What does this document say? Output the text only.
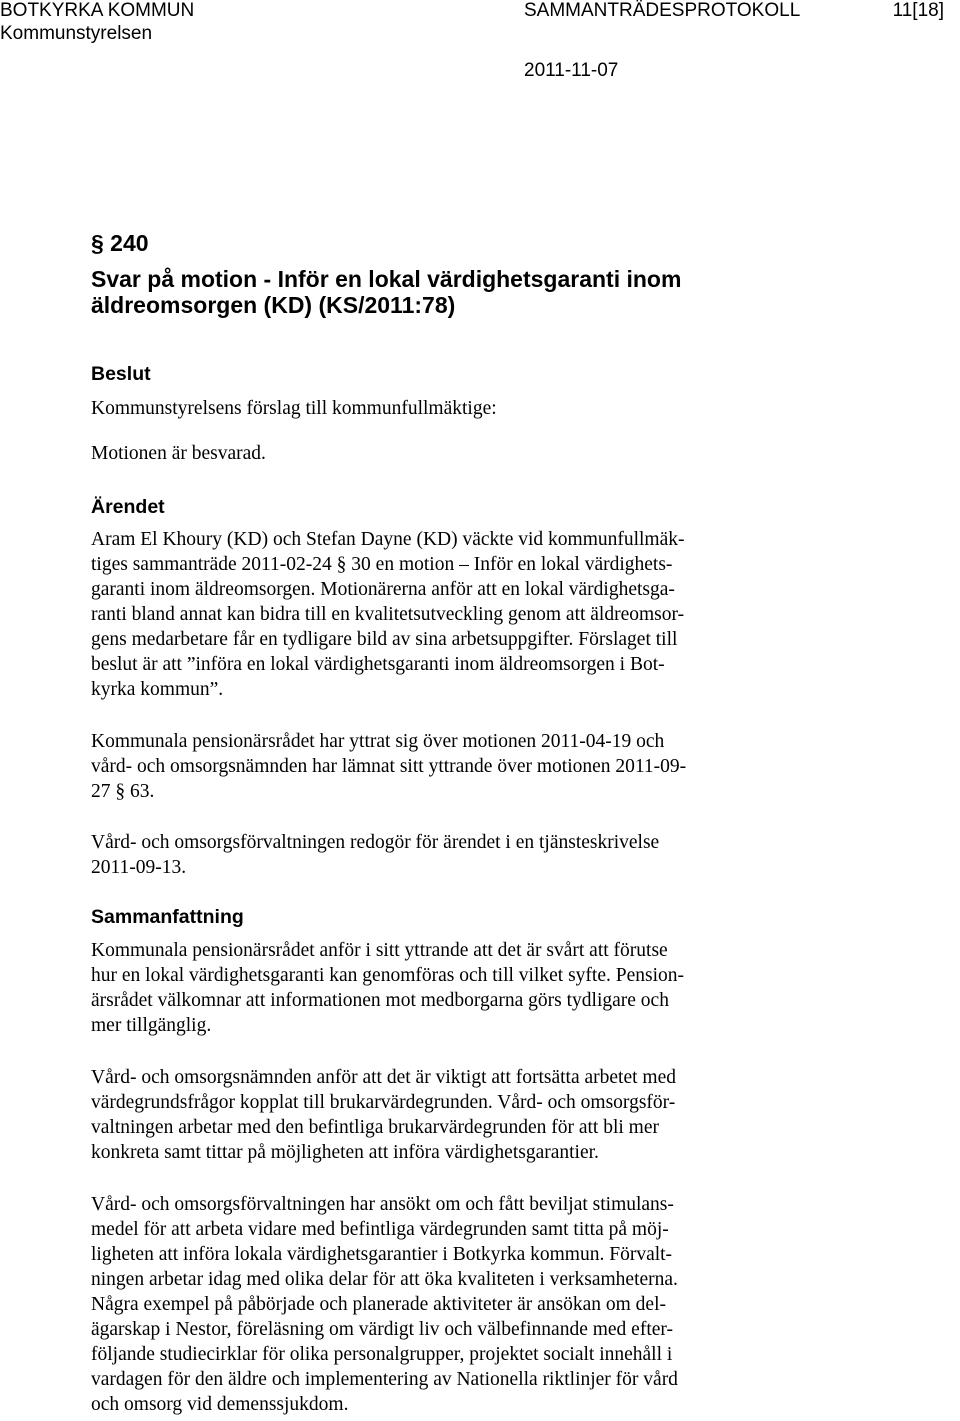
BOTKYRKA KOMMUN
Kommunstyrelsen
SAMMANTRÄDESPROTOKOLL	11[18]
2011-11-07
§ 240
Svar på motion - Inför en lokal värdighetsgaranti inom
äldreomsorgen (KD) (KS/2011:78)
Beslut
Kommunstyrelsens förslag till kommunfullmäktige:
Motionen är besvarad.
Ärendet
Aram El Khoury (KD) och Stefan Dayne (KD) väckte vid kommunfullmäk-
tiges sammanträde 2011-02-24 § 30 en motion – Inför en lokal värdighets-
garanti inom äldreomsorgen. Motionärerna anför att en lokal värdighetsga-
ranti bland annat kan bidra till en kvalitetsutveckling genom att äldreomsor-
gens medarbetare får en tydligare bild av sina arbetsuppgifter. Förslaget till
beslut är att ”införa en lokal värdighetsgaranti inom äldreomsorgen i Bot-
kyrka kommun”.
Kommunala pensionärsrådet har yttrat sig över motionen 2011-04-19 och
vård- och omsorgsnämnden har lämnat sitt yttrande över motionen 2011-09-
27 § 63.
Vård- och omsorgsförvaltningen redogör för ärendet i en tjänsteskrivelse
2011-09-13.
Sammanfattning
Kommunala pensionärsrådet anför i sitt yttrande att det är svårt att förutse
hur en lokal värdighetsgaranti kan genomföras och till vilket syfte. Pension-
ärsrådet välkomnar att informationen mot medborgarna görs tydligare och
mer tillgänglig.
Vård- och omsorgsnämnden anför att det är viktigt att fortsätta arbetet med
värdegrundsfrågor kopplat till brukarvärdegrunden. Vård- och omsorgsför-
valtningen arbetar med den befintliga brukarvärdegrunden för att bli mer
konkreta samt tittar på möjligheten att införa värdighetsgarantier.
Vård- och omsorgsförvaltningen har ansökt om och fått beviljat stimulans-
medel för att arbeta vidare med befintliga värdegrunden samt titta på möj-
ligheten att införa lokala värdighetsgarantier i Botkyrka kommun. Förvalt-
ningen arbetar idag med olika delar för att öka kvaliteten i verksamheterna.
Några exempel på påbörjade och planerade aktiviteter är ansökan om del-
ägarskap i Nestor, föreläsning om värdigt liv och välbefinnande med efter-
följande studiecirklar för olika personalgrupper, projektet socialt innehåll i
vardagen för den äldre och implementering av Nationella riktlinjer för vård
och omsorg vid demenssjukdom.
